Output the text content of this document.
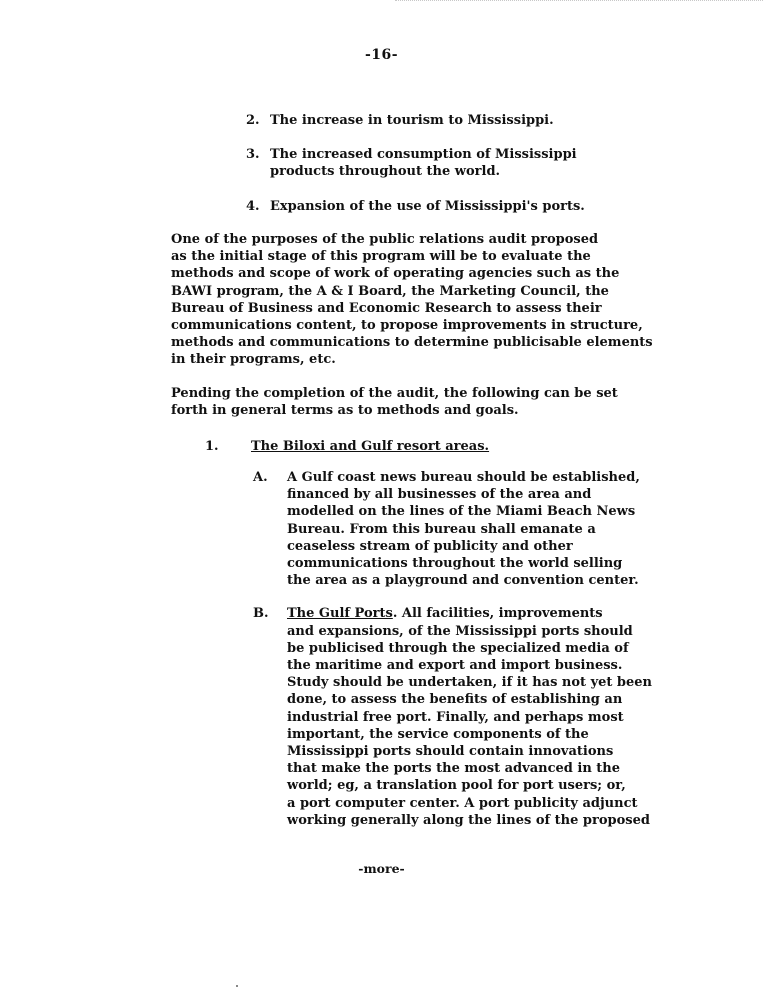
-16-
2. The increase in tourism to Mississippi.
3. The increased consumption of Mississippi
products throughout the world.
4. Expansion of the use of Mississippi's ports.
One of the purposes of the public relations audit proposed
as the initial stage of this program will be to evaluate the
methods and scope of work of operating agencies such as the
BAWI program, the A & I Board, the Marketing Council, the
Bureau of Business and Economic Research to assess their
communications content, to propose improvements in structure,
methods and communications to determine publicisable elements
in their programs, etc.
Pending the completion of the audit, the following can be set
forth in general terms as to methods and goals.
1. The Biloxi and Gulf resort areas.
A. A Gulf coast news bureau should be established,
financed by all businesses of the area and
modelled on the lines of the Miami Beach News
Bureau. From this bureau shall emanate a
ceaseless stream of publicity and other
communications throughout the world selling
the area as a playground and convention center.
B. The Gulf Ports. All facilities, improvements
and expansions, of the Mississippi ports should
be publicised through the specialized media of
the maritime and export and import business.
Study should be undertaken, if it has not yet been
done, to assess the benefits of establishing an
industrial free port. Finally, and perhaps most
important, the service components of the
Mississippi ports should contain innovations
that make the ports the most advanced in the
world; eg, a translation pool for port users; or,
a port computer center. A port publicity adjunct
working generally along the lines of the proposed
-more-
